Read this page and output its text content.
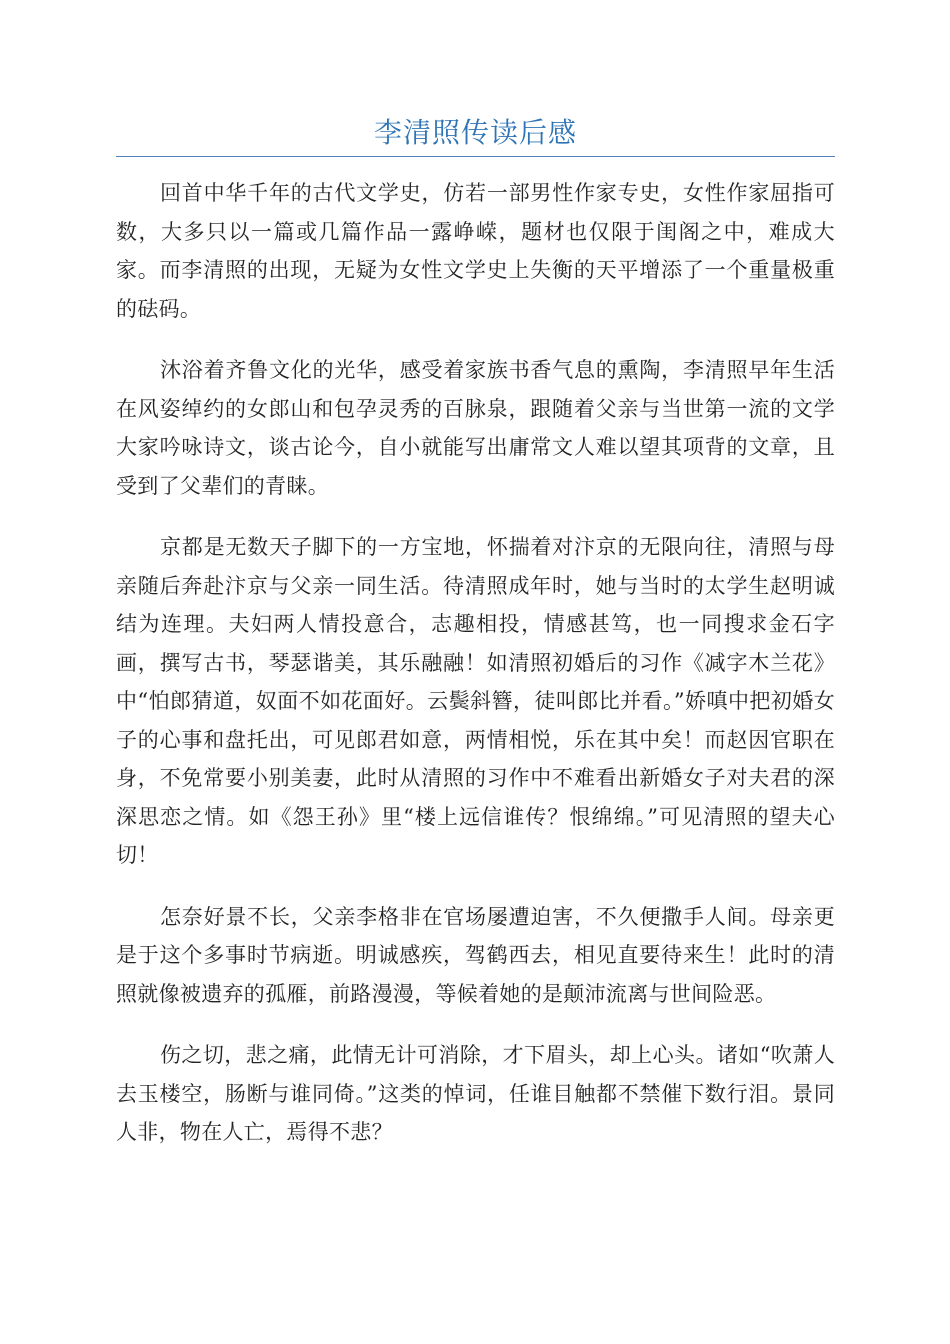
李清照传读后感

回首中华千年的古代文学史，仿若一部男性作家专史，女性作家屈指可数，大多只以一篇或几篇作品一露峥嵘，题材也仅限于闺阁之中，难成大家。而李清照的出现，无疑为女性文学史上失衡的天平增添了一个重量极重的砝码。

沐浴着齐鲁文化的光华，感受着家族书香气息的熏陶，李清照早年生活在风姿绰约的女郎山和包孕灵秀的百脉泉，跟随着父亲与当世第一流的文学大家吟咏诗文，谈古论今，自小就能写出庸常文人难以望其项背的文章，且受到了父辈们的青睐。

京都是无数天子脚下的一方宝地，怀揣着对汴京的无限向往，清照与母亲随后奔赴汴京与父亲一同生活。待清照成年时，她与当时的太学生赵明诚结为连理。夫妇两人情投意合，志趣相投，情感甚笃，也一同搜求金石字画，撰写古书，琴瑟谐美，其乐融融！如清照初婚后的习作《减字木兰花》中“怕郎猜道，奴面不如花面好。云鬓斜簪，徒叫郎比并看。”娇嗔中把初婚女子的心事和盘托出，可见郎君如意，两情相悦，乐在其中矣！而赵因官职在身，不免常要小别美妻，此时从清照的习作中不难看出新婚女子对夫君的深深思恋之情。如《怨王孙》里“楼上远信谁传？恨绵绵。”可见清照的望夫心切！

怎奈好景不长，父亲李格非在官场屡遭迫害，不久便撒手人间。母亲更是于这个多事时节病逝。明诚感疾，驾鹤西去，相见直要待来生！此时的清照就像被遗弃的孤雁，前路漫漫，等候着她的是颠沛流离与世间险恶。

伤之切，悲之痛，此情无计可消除，才下眉头，却上心头。诸如“吹萧人去玉楼空，肠断与谁同倚。”这类的悼词，任谁目触都不禁催下数行泪。景同人非，物在人亡，焉得不悲？
